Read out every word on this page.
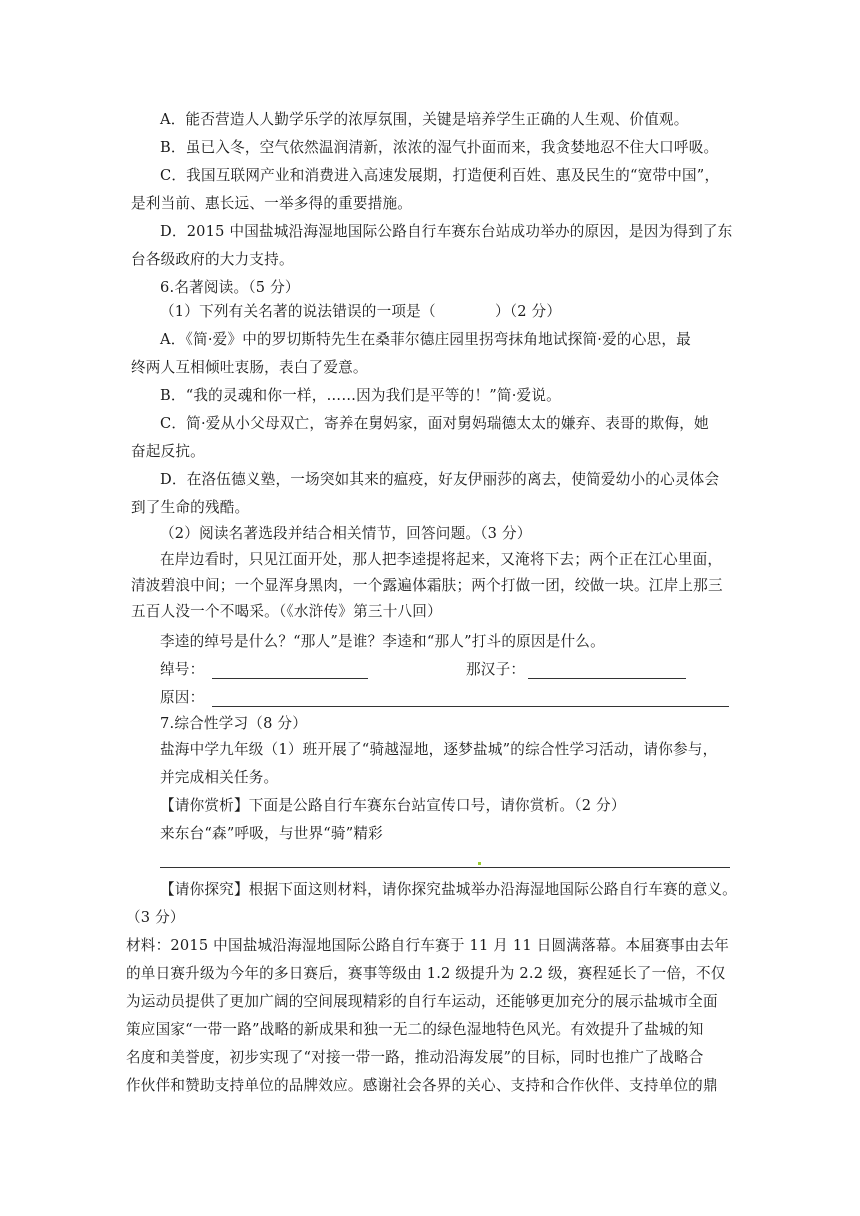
A．能否营造人人勤学乐学的浓厚氛围，关键是培养学生正确的人生观、价值观。
B．虽已入冬，空气依然温润清新，浓浓的湿气扑面而来，我贪婪地忍不住大口呼吸。
C．我国互联网产业和消费进入高速发展期，打造便利百姓、惠及民生的“宽带中国”，
是利当前、惠长远、一举多得的重要措施。
D．2015 中国盐城沿海湿地国际公路自行车赛东台站成功举办的原因，是因为得到了东
台各级政府的大力支持。
6.名著阅读。（5 分）
（1）下列有关名著的说法错误的一项是（　　　　）（2 分）
A．《简·爱》中的罗切斯特先生在桑菲尔德庄园里拐弯抹角地试探简·爱的心思，最
终两人互相倾吐衷肠，表白了爱意。
B．“我的灵魂和你一样，……因为我们是平等的！”简·爱说。
C．简·爱从小父母双亡，寄养在舅妈家，面对舅妈瑞德太太的嫌弃、表哥的欺侮，她
奋起反抗。
D．在洛伍德义塾，一场突如其来的瘟疫，好友伊丽莎的离去，使简爱幼小的心灵体会
到了生命的残酷。
（2）阅读名著选段并结合相关情节，回答问题。（3 分）
在岸边看时，只见江面开处，那人把李逵提将起来，又淹将下去；两个正在江心里面，
清波碧浪中间；一个显浑身黑肉，一个露遍体霜肤；两个打做一团，绞做一块。江岸上那三
五百人没一个不喝采。（《水浒传》第三十八回）
李逵的绰号是什么？“那人”是谁？李逵和“那人”打斗的原因是什么。
绰号：	那汉子：
原因：
7.综合性学习（8 分）
盐海中学九年级（1）班开展了“骑越湿地，逐梦盐城”的综合性学习活动，请你参与，
并完成相关任务。
【请你赏析】下面是公路自行车赛东台站宣传口号，请你赏析。（2 分）
来东台“森”呼吸，与世界“骑”精彩
【请你探究】根据下面这则材料，请你探究盐城举办沿海湿地国际公路自行车赛的意义。
（3 分）
材料：2015 中国盐城沿海湿地国际公路自行车赛于 11 月 11 日圆满落幕。本届赛事由去年
的单日赛升级为今年的多日赛后，赛事等级由 1.2 级提升为 2.2 级，赛程延长了一倍，不仅
为运动员提供了更加广阔的空间展现精彩的自行车运动，还能够更加充分的展示盐城市全面
策应国家“一带一路”战略的新成果和独一无二的绿色湿地特色风光。有效提升了盐城的知
名度和美誉度，初步实现了“对接一带一路，推动沿海发展”的目标，同时也推广了战略合
作伙伴和赞助支持单位的品牌效应。感谢社会各界的关心、支持和合作伙伴、支持单位的鼎
